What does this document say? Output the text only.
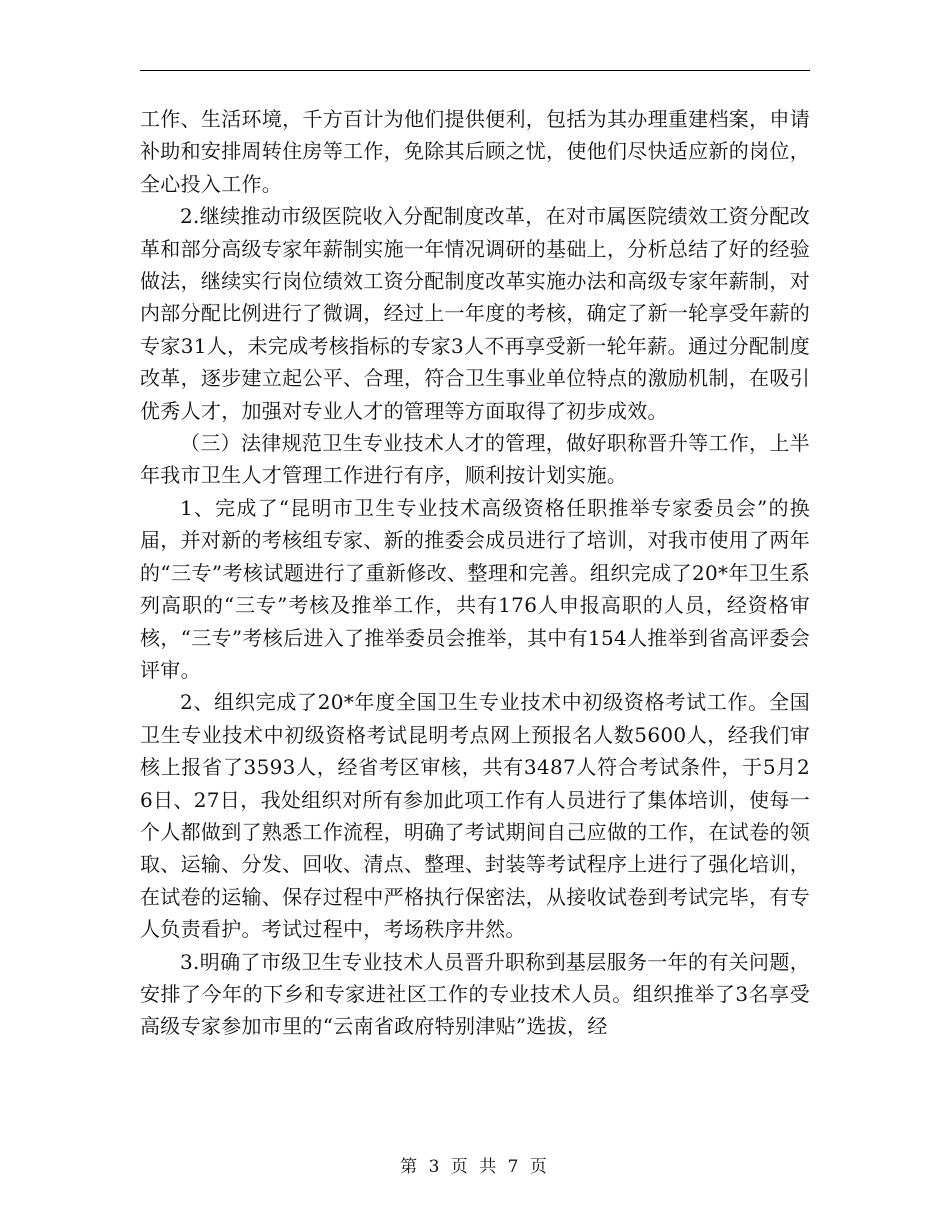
工作、生活环境，千方百计为他们提供便利，包括为其办理重建档案，申请补助和安排周转住房等工作，免除其后顾之忧，使他们尽快适应新的岗位，全心投入工作。

2.继续推动市级医院收入分配制度改革，在对市属医院绩效工资分配改革和部分高级专家年薪制实施一年情况调研的基础上，分析总结了好的经验做法，继续实行岗位绩效工资分配制度改革实施办法和高级专家年薪制，对内部分配比例进行了微调，经过上一年度的考核，确定了新一轮享受年薪的专家31人，未完成考核指标的专家3人不再享受新一轮年薪。通过分配制度改革，逐步建立起公平、合理，符合卫生事业单位特点的激励机制，在吸引优秀人才，加强对专业人才的管理等方面取得了初步成效。

（三）法律规范卫生专业技术人才的管理，做好职称晋升等工作，上半年我市卫生人才管理工作进行有序，顺利按计划实施。

1、完成了“昆明市卫生专业技术高级资格任职推举专家委员会”的换届，并对新的考核组专家、新的推委会成员进行了培训，对我市使用了两年的“三专”考核试题进行了重新修改、整理和完善。组织完成了20*年卫生系列高职的“三专”考核及推举工作，共有176人申报高职的人员，经资格审核，“三专”考核后进入了推举委员会推举，其中有154人推举到省高评委会评审。

2、组织完成了20*年度全国卫生专业技术中初级资格考试工作。全国卫生专业技术中初级资格考试昆明考点网上预报名人数5600人，经我们审核上报省了3593人，经省考区审核，共有3487人符合考试条件，于5月26日、27日，我处组织对所有参加此项工作有人员进行了集体培训，使每一个人都做到了熟悉工作流程，明确了考试期间自己应做的工作，在试卷的领取、运输、分发、回收、清点、整理、封装等考试程序上进行了强化培训，在试卷的运输、保存过程中严格执行保密法，从接收试卷到考试完毕，有专人负责看护。考试过程中，考场秩序井然。

3.明确了市级卫生专业技术人员晋升职称到基层服务一年的有关问题，安排了今年的下乡和专家进社区工作的专业技术人员。组织推举了3名享受高级专家参加市里的“云南省政府特别津贴”选拔，经

第 3 页 共 7 页
